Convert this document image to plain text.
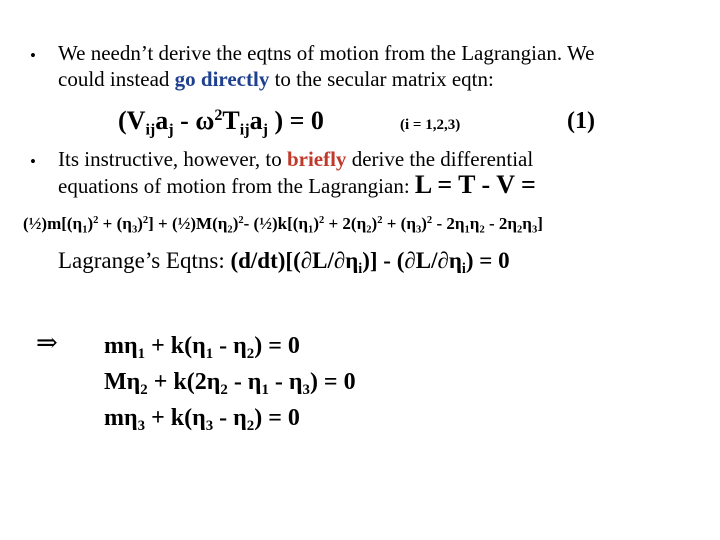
• We needn’t derive the eqtns of motion from the Lagrangian. We
could instead go directly to the secular matrix eqtn:
($V_{ij}a_j - \omega^2T_{ij}a_j$ ) = 0	(i = 1,2,3)	(1)
• Its instructive, however, to briefly derive the differential
equations of motion from the Lagrangian: L = T - V =
$(\frac{1}{2})m[(\eta_1)^2 + (\eta_3)^2]$ + $(\frac{1}{2})M(\eta_2)^2-$ $(\frac{1}{2})k[(\eta_1)^2 + 2(\eta_2)^2 + (\eta_3)^2 - 2\eta_1\eta_2 - 2\eta_2\eta_3]$
Lagrange’s Eqtns: $(d/dt)[(\partial L/\partial\eta_i)] - (\partial L/\partial\eta_i) = 0$
⇒ $m\eta_1 + k(\eta_1 - \eta_2) = 0$
$M\eta_2 + k(2\eta_2 - \eta_1 - \eta_3) = 0$
$m\eta_3 + k(\eta_3 - \eta_2) = 0$
